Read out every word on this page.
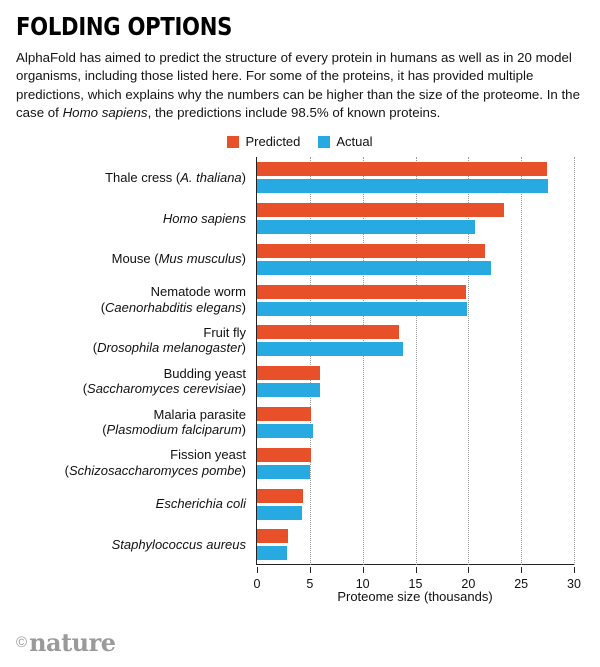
FOLDING OPTIONS

AlphaFold has aimed to predict the structure of every protein in humans as well as in 20 model organisms, including those listed here. For some of the proteins, it has provided multiple predictions, which explains why the numbers can be higher than the size of the proteome. In the case of Homo sapiens, the predictions include 98.5% of known proteins.

Predicted	Actual
Thale cress (A. thaliana)
Homo sapiens
Mouse (Mus musculus)
Nematode worm
(Caenorhabditis elegans)
Fruit fly
(Drosophila melanogaster)
Budding yeast
(Saccharomyces cerevisiae)
Malaria parasite
(Plasmodium falciparum)
Fission yeast
(Schizosaccharomyces pombe)
Escherichia coli
Staphylococcus aureus
0	5	10	15	20	25	30
Proteome size (thousands)
© nature
